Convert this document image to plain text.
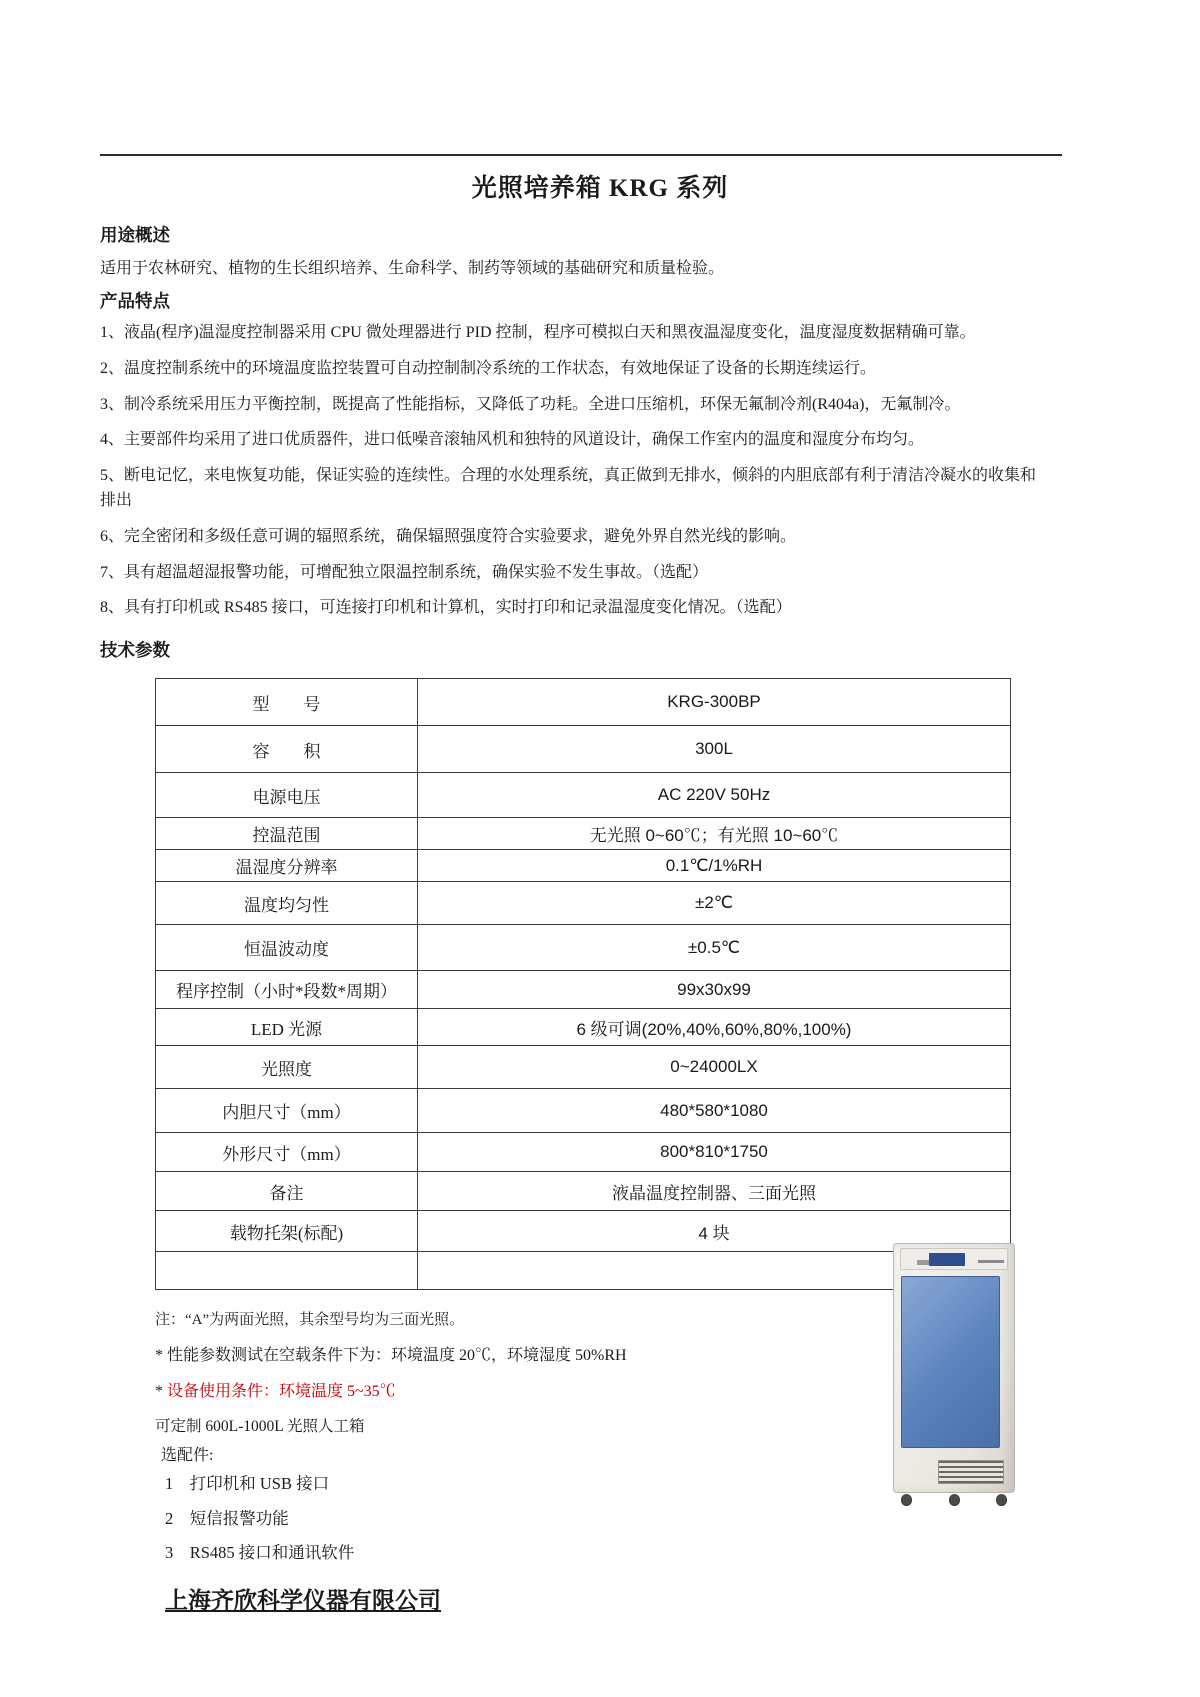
光照培养箱 KRG 系列
用途概述

适用于农林研究、植物的生长组织培养、生命科学、制药等领域的基础研究和质量检验。

产品特点

1、液晶(程序)温湿度控制器采用 CPU 微处理器进行 PID 控制，程序可模拟白天和黑夜温湿度变化，温度湿度数据精确可靠。

2、温度控制系统中的环境温度监控装置可自动控制制冷系统的工作状态，有效地保证了设备的长期连续运行。

3、制冷系统采用压力平衡控制，既提高了性能指标，又降低了功耗。全进口压缩机，环保无氟制冷剂(R404a)，无氟制冷。

4、主要部件均采用了进口优质器件，进口低噪音滚轴风机和独特的风道设计，确保工作室内的温度和湿度分布均匀。

5、断电记忆，来电恢复功能，保证实验的连续性。合理的水处理系统，真正做到无排水，倾斜的内胆底部有利于清洁冷凝水的收集和排出

6、完全密闭和多级任意可调的辐照系统，确保辐照强度符合实验要求，避免外界自然光线的影响。

7、具有超温超湿报警功能，可增配独立限温控制系统，确保实验不发生事故。（选配）

8、具有打印机或 RS485 接口，可连接打印机和计算机，实时打印和记录温湿度变化情况。（选配）

技术参数
型　　号	KRG-300BP
容　　积	300L
电源电压	AC 220V 50Hz
控温范围	无光照 0~60℃；有光照 10~60℃
温湿度分辨率	0.1℃/1%RH
温度均匀性	±2℃
恒温波动度	±0.5℃
程序控制（小时*段数*周期）	99x30x99
LED 光源	6 级可调(20%,40%,60%,80%,100%)
光照度	0~24000LX
内胆尺寸（mm）	480*580*1080
外形尺寸（mm）	800*810*1750
备注	液晶温度控制器、三面光照
载物托架(标配)	4 块

注：“A”为两面光照，其余型号均为三面光照。

* 性能参数测试在空载条件下为：环境温度 20℃，环境湿度 50%RH

* 设备使用条件：环境温度 5~35℃

可定制 600L-1000L 光照人工箱

选配件:

1　打印机和 USB 接口

2　短信报警功能

3　RS485 接口和通讯软件

上海齐欣科学仪器有限公司
